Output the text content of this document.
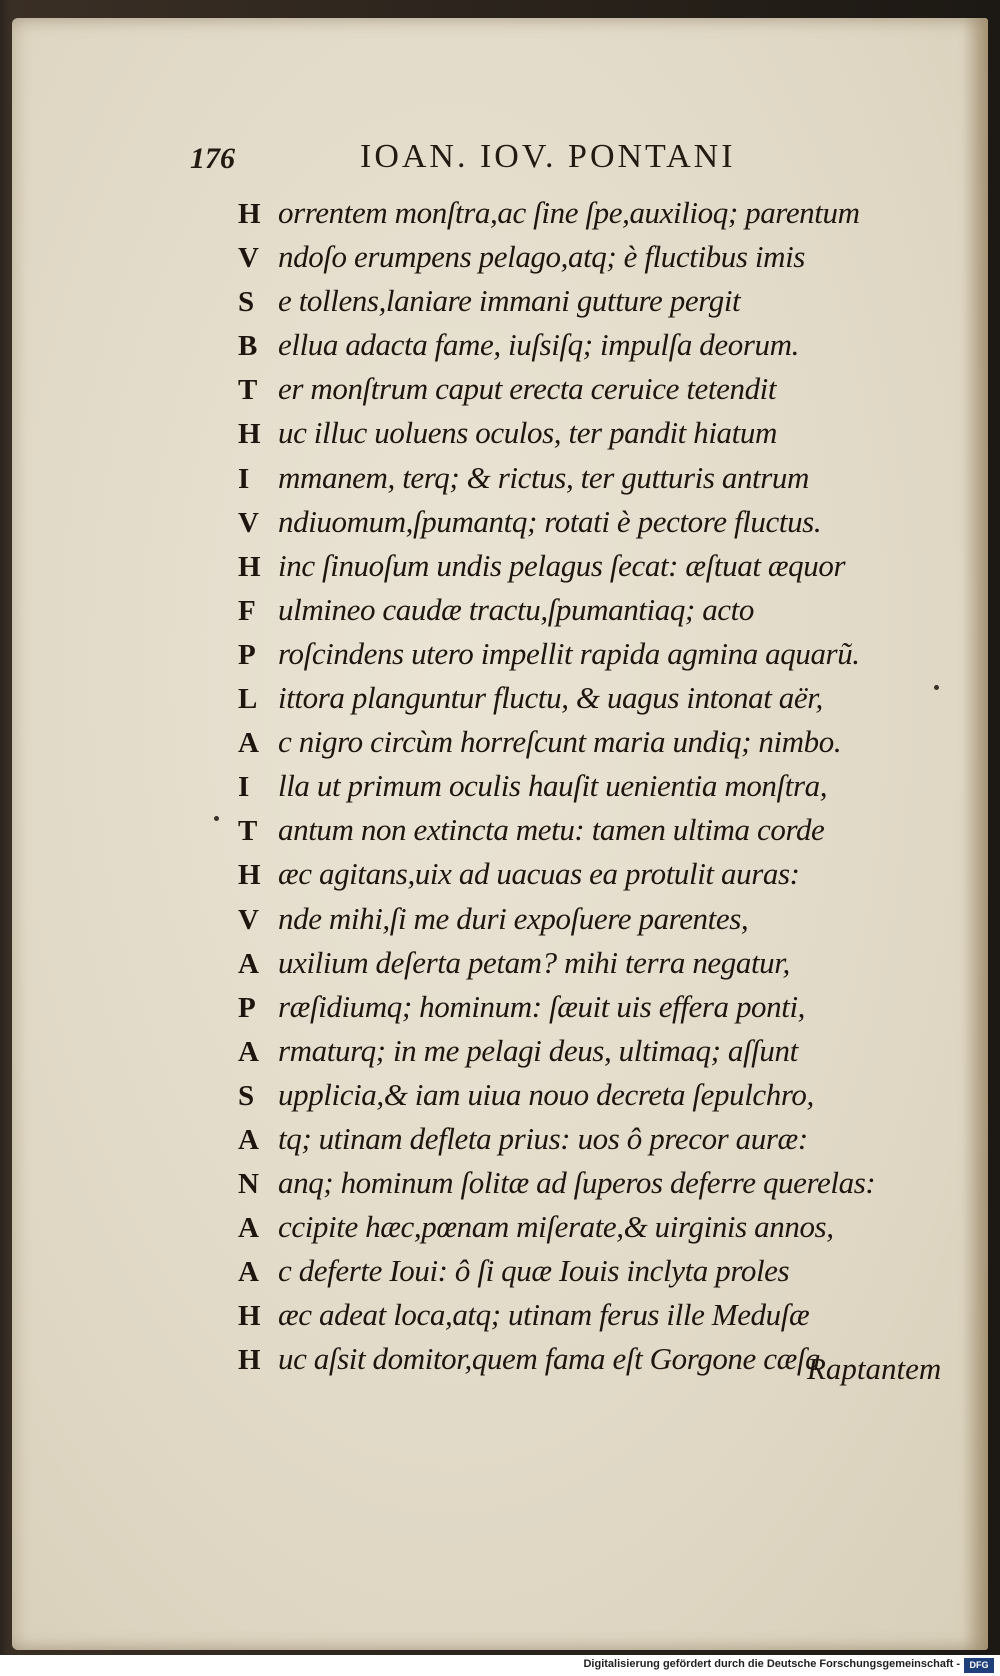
176	IOAN. IOV. PONTANI
H orrentem monſtra,ac ſine ſpe,auxilioq; parentum
V ndoſo erumpens pelago,atq; è fluctibus imis
S e tollens,laniare immani gutture pergit
B ellua adacta fame, iuſsiſq; impulſa deorum.
T er monſtrum caput erecta ceruice tetendit
H uc illuc uoluens oculos, ter pandit hiatum
I mmanem, terq; & rictus, ter gutturis antrum
V ndiuomum,ſpumantq; rotati è pectore fluctus.
H inc ſinuoſum undis pelagus ſecat: æſtuat æquor
F ulmineo caudæ tractu,ſpumantiaq; acto
P roſcindens utero impellit rapida agmina aquarũ.
L ittora planguntur fluctu, & uagus intonat aër,
A c nigro circùm horreſcunt maria undiq; nimbo.
I lla ut primum oculis hauſit uenientia monſtra,
T antum non extincta metu: tamen ultima corde
H æc agitans,uix ad uacuas ea protulit auras:
V nde mihi,ſi me duri expoſuere parentes,
A uxilium deſerta petam? mihi terra negatur,
P ræſidiumq; hominum: ſæuit uis effera ponti,
A rmaturq; in me pelagi deus, ultimaq; aſſunt
S upplicia,& iam uiua nouo decreta ſepulchro,
A tq; utinam defleta prius: uos ô precor auræ:
N anq; hominum ſolitæ ad ſuperos deferre querelas:
A ccipite hæc,pœnam miſerate,& uirginis annos,
A c deferte Ioui: ô ſi quæ Iouis inclyta proles
H æc adeat loca,atq; utinam ferus ille Meduſæ
H uc aſsit domitor,quem fama eſt Gorgone cæſa
Raptantem
Digitalisierung gefördert durch die Deutsche Forschungsgemeinschaft -	DFG
